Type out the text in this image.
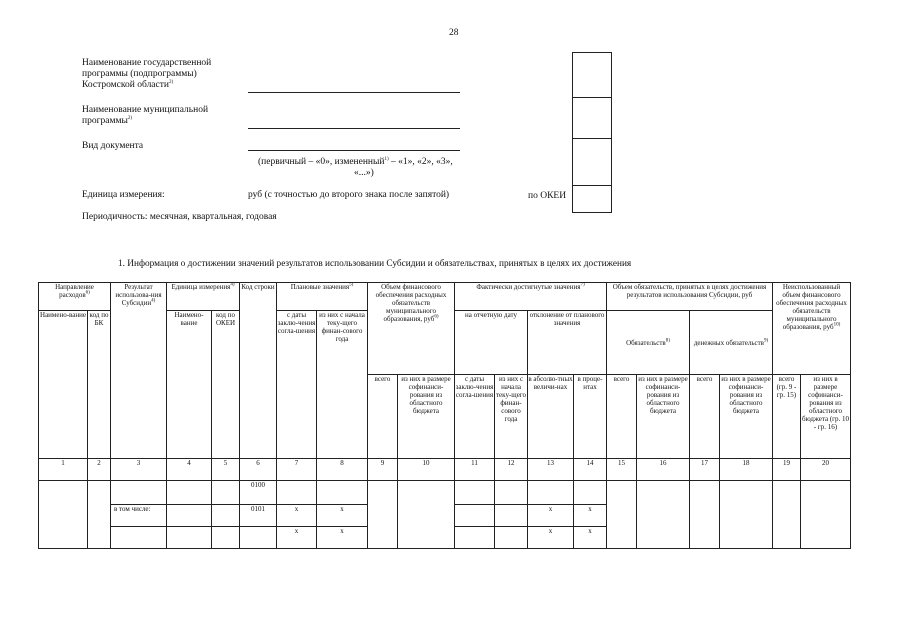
28
Наименование государственной
программы (подпрограммы)
Костромской области$^{2)}$
Наименование муниципальной
программы$^{2)}$
Вид документа
(первичный – «0», измененный$^{1)}$ – «1», «2», «3»,
«...»)
Единица измерения:	руб (с точностью до второго знака после запятой)	по ОКЕИ
Периодичность: месячная, квартальная, годовая
1. Информация о достижении значений результатов использовании Субсидии и обязательствах, принятых в целях их достижения
Направление расходов$^{6)}$		Результат использова-ния Субсидии$^{4)}$	Единица измерения$^{4)}$		Код строки	Плановые значения$^{5)}$		Объем финансового обеспечения расходных обязательств муниципального образования, руб$^{6)}$		Фактически достигнутые значения$^{7)}$				Объем обязательств, принятых в целях достижения результатов использования Субсидии, руб				Неиспользованный объем финансового обеспечения расходных обязательств муниципального образования, руб$^{10)}$
Наимено-вание	код по БК		Наимено-вание	код по ОКЕИ		с даты заклю-чения согла-шения	из них с начала теку-щего финан-сового года			на отчетную дату		отклонение от планового значения		Обязательств$^{8)}$		денежных обязательств$^{9)}$
								всего	из них в размере софинанси-рования из областного бюджета	с даты заклю-чения согла-шения	из них с начала теку-щего финан-сового года	в абсолю-тных величи-нах	в проце-нтах	всего	из них в размере софинанси-рования из областного бюджета	всего	из них в размере софинанси-рования из областного бюджета	всего (гр. 9 - гр. 15)	из них в размере софинанси-рования из областного бюджета (гр. 10 - гр. 16)
1	2	3	4	5	6	7	8	9	10	11	12	13	14	15	16	17	18	19	20
					0100														
		в том числе:			0101	x	x					x	x						
						x	x					x	x						
